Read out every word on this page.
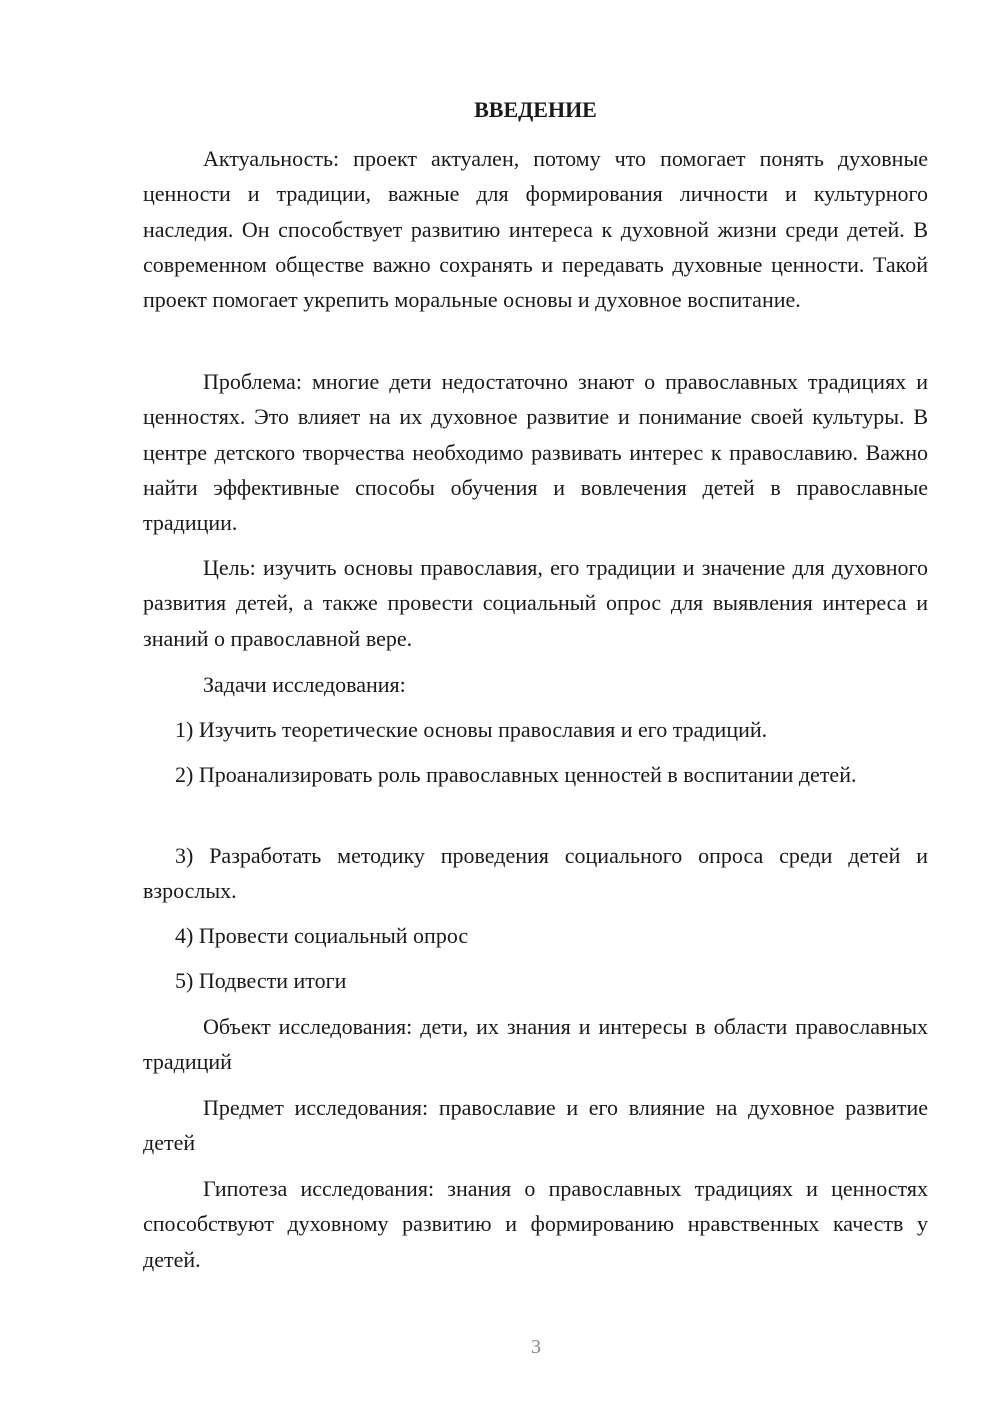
ВВЕДЕНИЕ

Актуальность: проект актуален, потому что помогает понять духовные ценности и традиции, важные для формирования личности и культурного наследия. Он способствует развитию интереса к духовной жизни среди детей. В современном обществе важно сохранять и передавать духовные ценности. Такой проект помогает укрепить моральные основы и духовное воспитание.

Проблема: многие дети недостаточно знают о православных традициях и ценностях. Это влияет на их духовное развитие и понимание своей культуры. В центре детского творчества необходимо развивать интерес к православию. Важно найти эффективные способы обучения и вовлечения детей в православные традиции.

Цель: изучить основы православия, его традиции и значение для духовного развития детей, а также провести социальный опрос для выявления интереса и знаний о православной вере.

Задачи исследования:

1) Изучить теоретические основы православия и его традиций.

2) Проанализировать роль православных ценностей в воспитании детей.

3) Разработать методику проведения социального опроса среди детей и взрослых.

4) Провести социальный опрос

5) Подвести итоги

Объект исследования: дети, их знания и интересы в области православных традиций

Предмет исследования: православие и его влияние на духовное развитие детей

Гипотеза исследования: знания о православных традициях и ценностях способствуют духовному развитию и формированию нравственных качеств у детей.

3
